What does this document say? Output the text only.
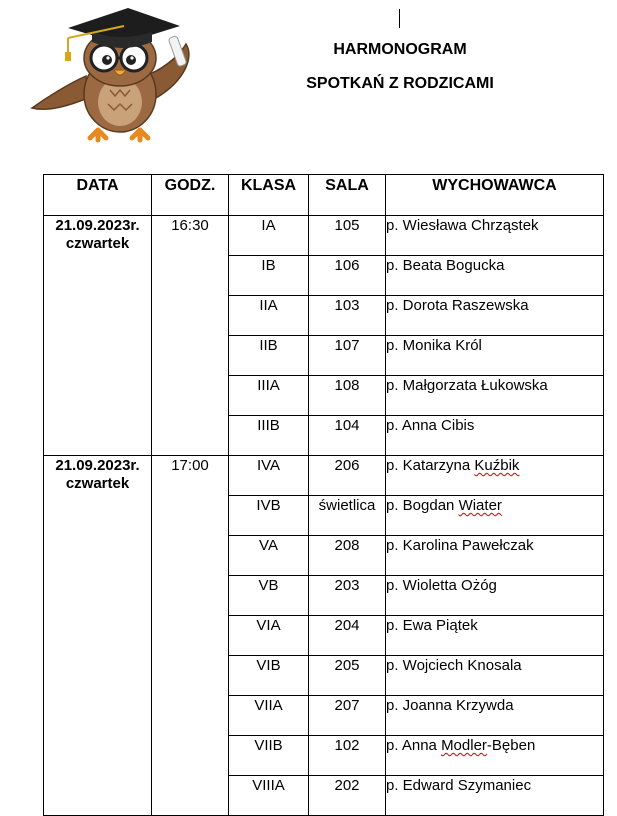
HARMONOGRAM
SPOTKAŃ Z RODZICAMI
DATA	GODZ.	KLASA	SALA	WYCHOWAWCA
21.09.2023r.
czwartek	16:30	IA	105	p. Wiesława Chrząstek
		IB	106	p. Beata Bogucka
		IIA	103	p. Dorota Raszewska
		IIB	107	p. Monika Król
		IIIA	108	p. Małgorzata Łukowska
		IIIB	104	p. Anna Cibis
21.09.2023r.
czwartek	17:00	IVA	206	p. Katarzyna Kuźbik
		IVB	świetlica	p. Bogdan Wiater
		VA	208	p. Karolina Pawełczak
		VB	203	p. Wioletta Ożóg
		VIA	204	p. Ewa Piątek
		VIB	205	p. Wojciech Knosala
		VIIA	207	p. Joanna Krzywda
		VIIB	102	p. Anna Modler-Bęben
		VIIIA	202	p. Edward Szymaniec
